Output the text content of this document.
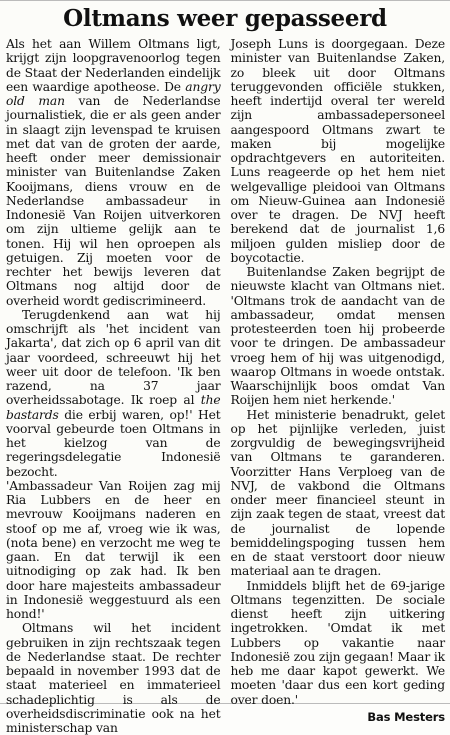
Oltmans weer gepasseerd

Als het aan Willem Oltmans ligt, krijgt zijn loopgravenoorlog tegen de Staat der Nederlanden eindelijk een waardige apotheose. De angry old man van de Nederlandse journalistiek, die er als geen ander in slaagt zijn levenspad te kruisen met dat van de groten der aarde, heeft onder meer demissionair minister van Buitenlandse Zaken Kooijmans, diens vrouw en de Nederlandse ambassadeur in Indonesië Van Roijen uitverkoren om zijn ultieme gelijk aan te tonen. Hij wil hen oproepen als getuigen. Zij moeten voor de rechter het bewijs leveren dat Oltmans nog altijd door de overheid wordt gediscrimineerd.

Terugdenkend aan wat hij omschrijft als 'het incident van Jakarta', dat zich op 6 april van dit jaar voordeed, schreeuwt hij het weer uit door de telefoon. 'Ik ben razend, na 37 jaar overheidssabotage. Ik roep al the bastards die erbij waren, op!' Het voorval gebeurde toen Oltmans in het kielzog van de regeringsdelegatie Indonesië bezocht.

'Ambassadeur Van Roijen zag mij Ria Lubbers en de heer en mevrouw Kooijmans naderen en stoof op me af, vroeg wie ik was, (nota bene) en verzocht me weg te gaan. En dat terwijl ik een uitnodiging op zak had. Ik ben door hare majesteits ambassadeur in Indonesië weggestuurd als een hond!'

Oltmans wil het incident gebruiken in zijn rechtszaak tegen de Nederlandse staat. De rechter bepaald in november 1993 dat de staat materieel en immaterieel schadeplichtig is als de overheidsdiscriminatie ook na het ministerschap van

Joseph Luns is doorgegaan. Deze minister van Buitenlandse Zaken, zo bleek uit door Oltmans teruggevonden officiële stukken, heeft indertijd overal ter wereld zijn ambassadepersoneel aangespoord Oltmans zwart te maken bij mogelijke opdrachtgevers en autoriteiten. Luns reageerde op het hem niet welgevallige pleidooi van Oltmans om Nieuw-Guinea aan Indonesië over te dragen. De NVJ heeft berekend dat de journalist 1,6 miljoen gulden misliep door de boycotactie.

Buitenlandse Zaken begrijpt de nieuwste klacht van Oltmans niet. 'Oltmans trok de aandacht van de ambassadeur, omdat mensen protesteerden toen hij probeerde voor te dringen. De ambassadeur vroeg hem of hij was uitgenodigd, waarop Oltmans in woede ontstak. Waarschijnlijk boos omdat Van Roijen hem niet herkende.'

Het ministerie benadrukt, gelet op het pijnlijke verleden, juist zorgvuldig de bewegingsvrijheid van Oltmans te garanderen. Voorzitter Hans Verploeg van de NVJ, de vakbond die Oltmans onder meer financieel steunt in zijn zaak tegen de staat, vreest dat de journalist de lopende bemiddelingspoging tussen hem en de staat verstoort door nieuw materiaal aan te dragen.

Inmiddels blijft het de 69-jarige Oltmans tegenzitten. De sociale dienst heeft zijn uitkering ingetrokken. 'Omdat ik met Lubbers op vakantie naar Indonesië zou zijn gegaan! Maar ik heb me daar kapot gewerkt. We moeten 'daar dus een kort geding over doen.'

Bas Mesters
